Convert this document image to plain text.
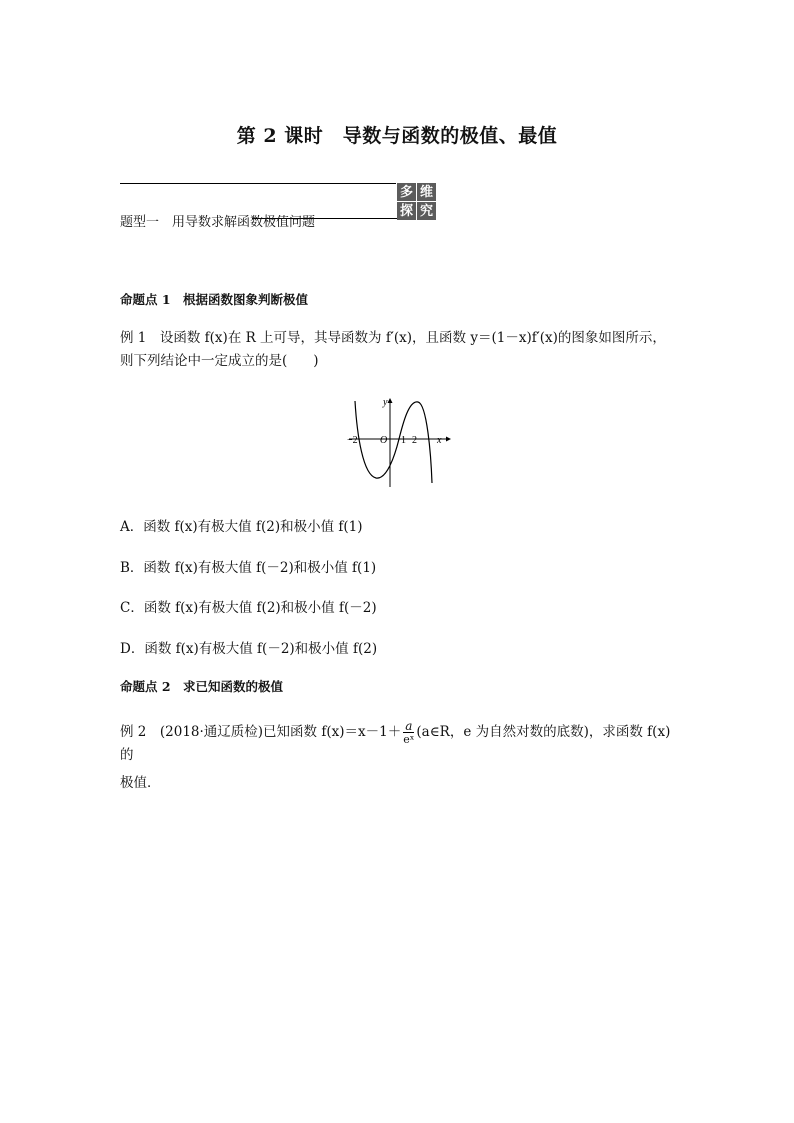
第 2 课时　导数与函数的极值、最值
多 维
探 究
题型一　用导数求解函数极值问题
命题点 1　根据函数图象判断极值
例 1　设函数 f(x)在 R 上可导，其导函数为 f′(x)，且函数 y＝(1－x)f′(x)的图象如图所示，
则下列结论中一定成立的是( )
y
x
O
−2	1 2
A．函数 f(x)有极大值 f(2)和极小值 f(1)
B．函数 f(x)有极大值 f(－2)和极小值 f(1)
C．函数 f(x)有极大值 f(2)和极小值 f(－2)
D．函数 f(x)有极大值 f(－2)和极小值 f(2)
命题点 2　求已知函数的极值
例 2　(2018·通辽质检)已知函数 $f(x)=x-1+ \frac{a}{\text{eˣ}}$ (a∈R，e 为自然对数的底数)，求函数 f(x)的
极值．
